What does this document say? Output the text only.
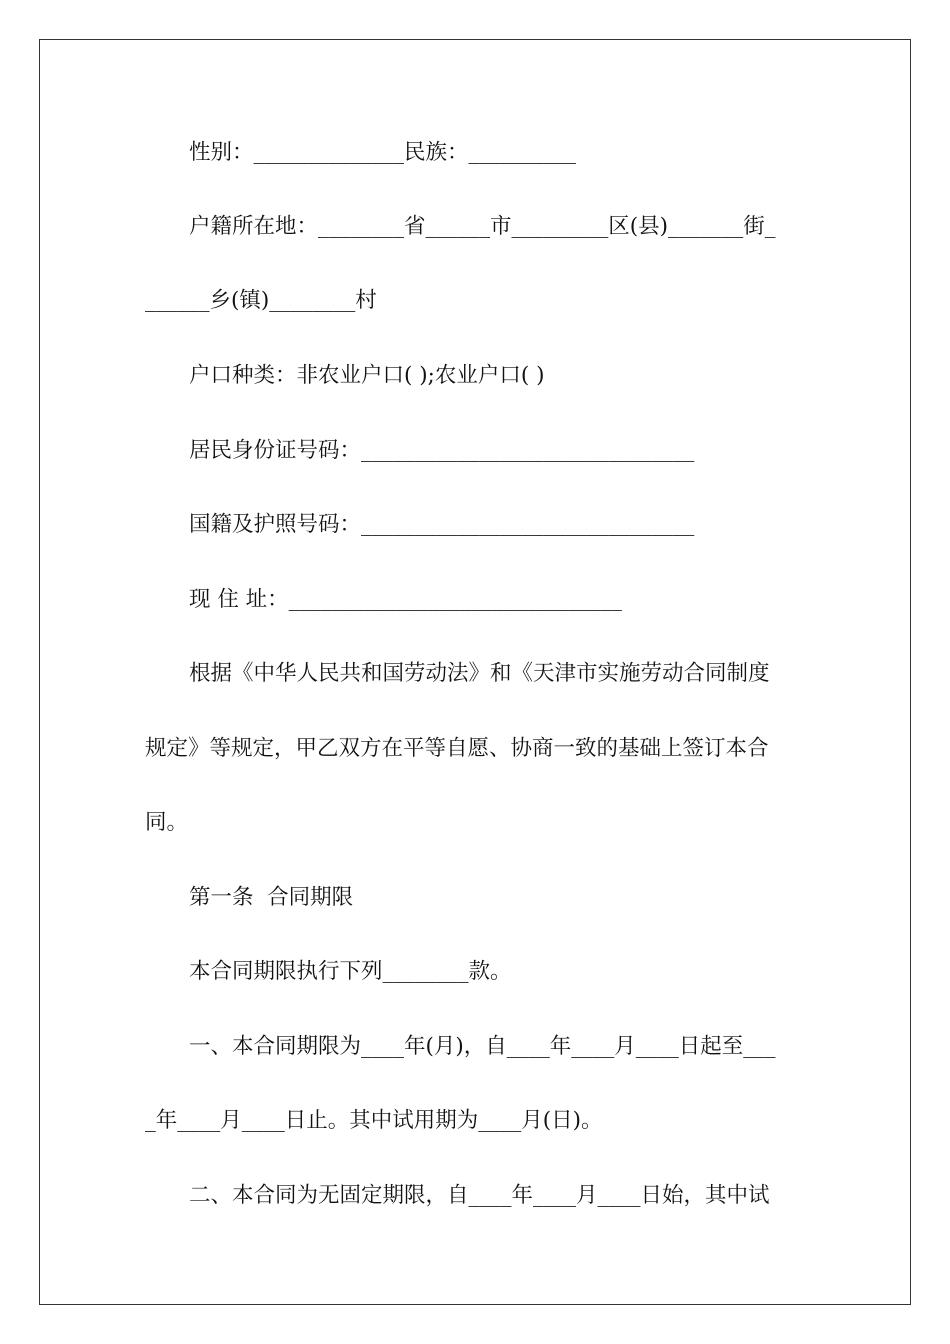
性别：______________民族：__________
户籍所在地：________省______市_________区(县)_______街_
______乡(镇)________村
户口种类：非农业户口( );农业户口( )
居民身份证号码：_______________________________
国籍及护照号码：_______________________________
现 住 址：_______________________________
根据《中华人民共和国劳动法》和《天津市实施劳动合同制度
规定》等规定，甲乙双方在平等自愿、协商一致的基础上签订本合
同。
第一条  合同期限
本合同期限执行下列________款。
一、本合同期限为____年(月)，自____年____月____日起至___
_年____月____日止。其中试用期为____月(日)。
二、本合同为无固定期限，自____年____月____日始，其中试
